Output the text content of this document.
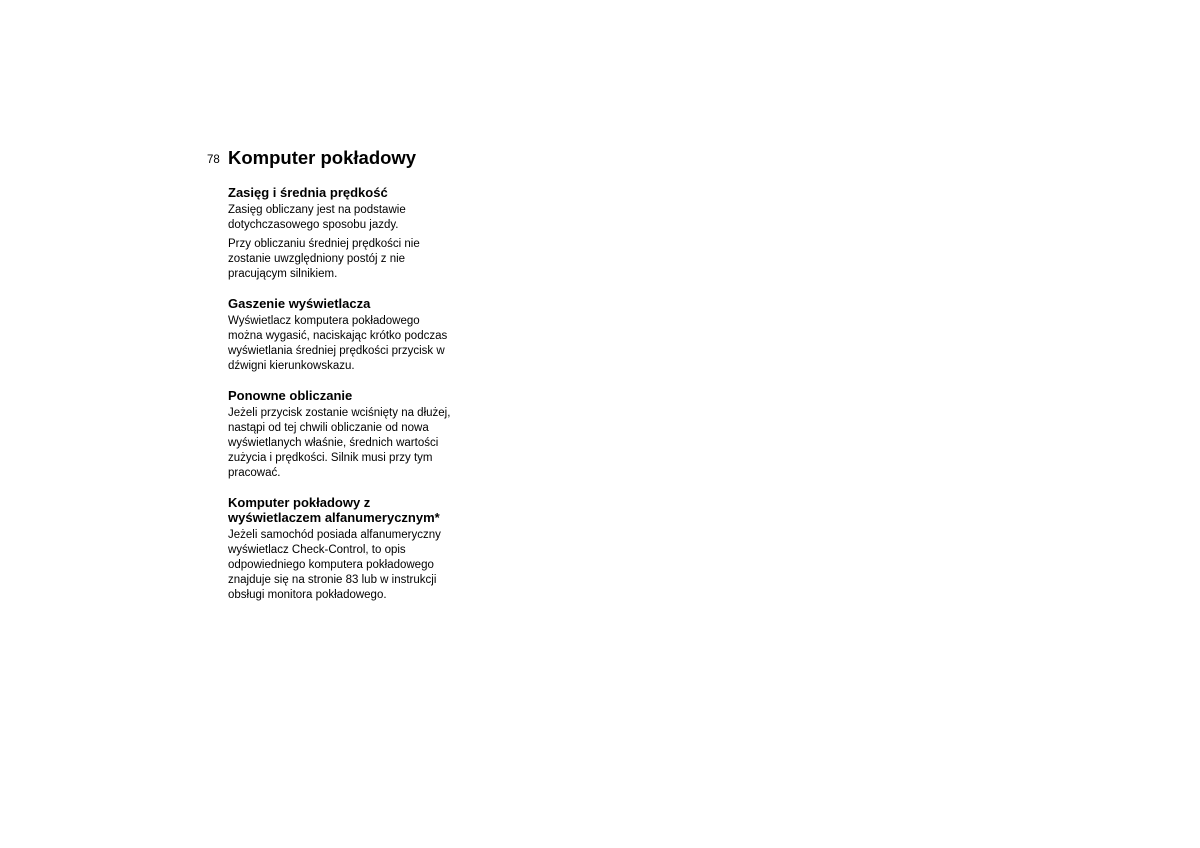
78 Komputer pokładowy
Zasięg i średnia prędkość

Zasięg obliczany jest na podstawie
dotychczasowego sposobu jazdy.

Przy obliczaniu średniej prędkości nie
zostanie uwzględniony postój z nie
pracującym silnikiem.

Gaszenie wyświetlacza

Wyświetlacz komputera pokładowego
można wygasić, naciskając krótko podczas
wyświetlania średniej prędkości przycisk w
dźwigni kierunkowskazu.

Ponowne obliczanie

Jeżeli przycisk zostanie wciśnięty na dłużej,
nastąpi od tej chwili obliczanie od nowa
wyświetlanych właśnie, średnich wartości
zużycia i prędkości. Silnik musi przy tym
pracować.

Komputer pokładowy z
wyświetlaczem alfanumerycznym*

Jeżeli samochód posiada alfanumeryczny
wyświetlacz Check-Control, to opis
odpowiedniego komputera pokładowego
znajduje się na stronie 83 lub w instrukcji
obsługi monitora pokładowego.
